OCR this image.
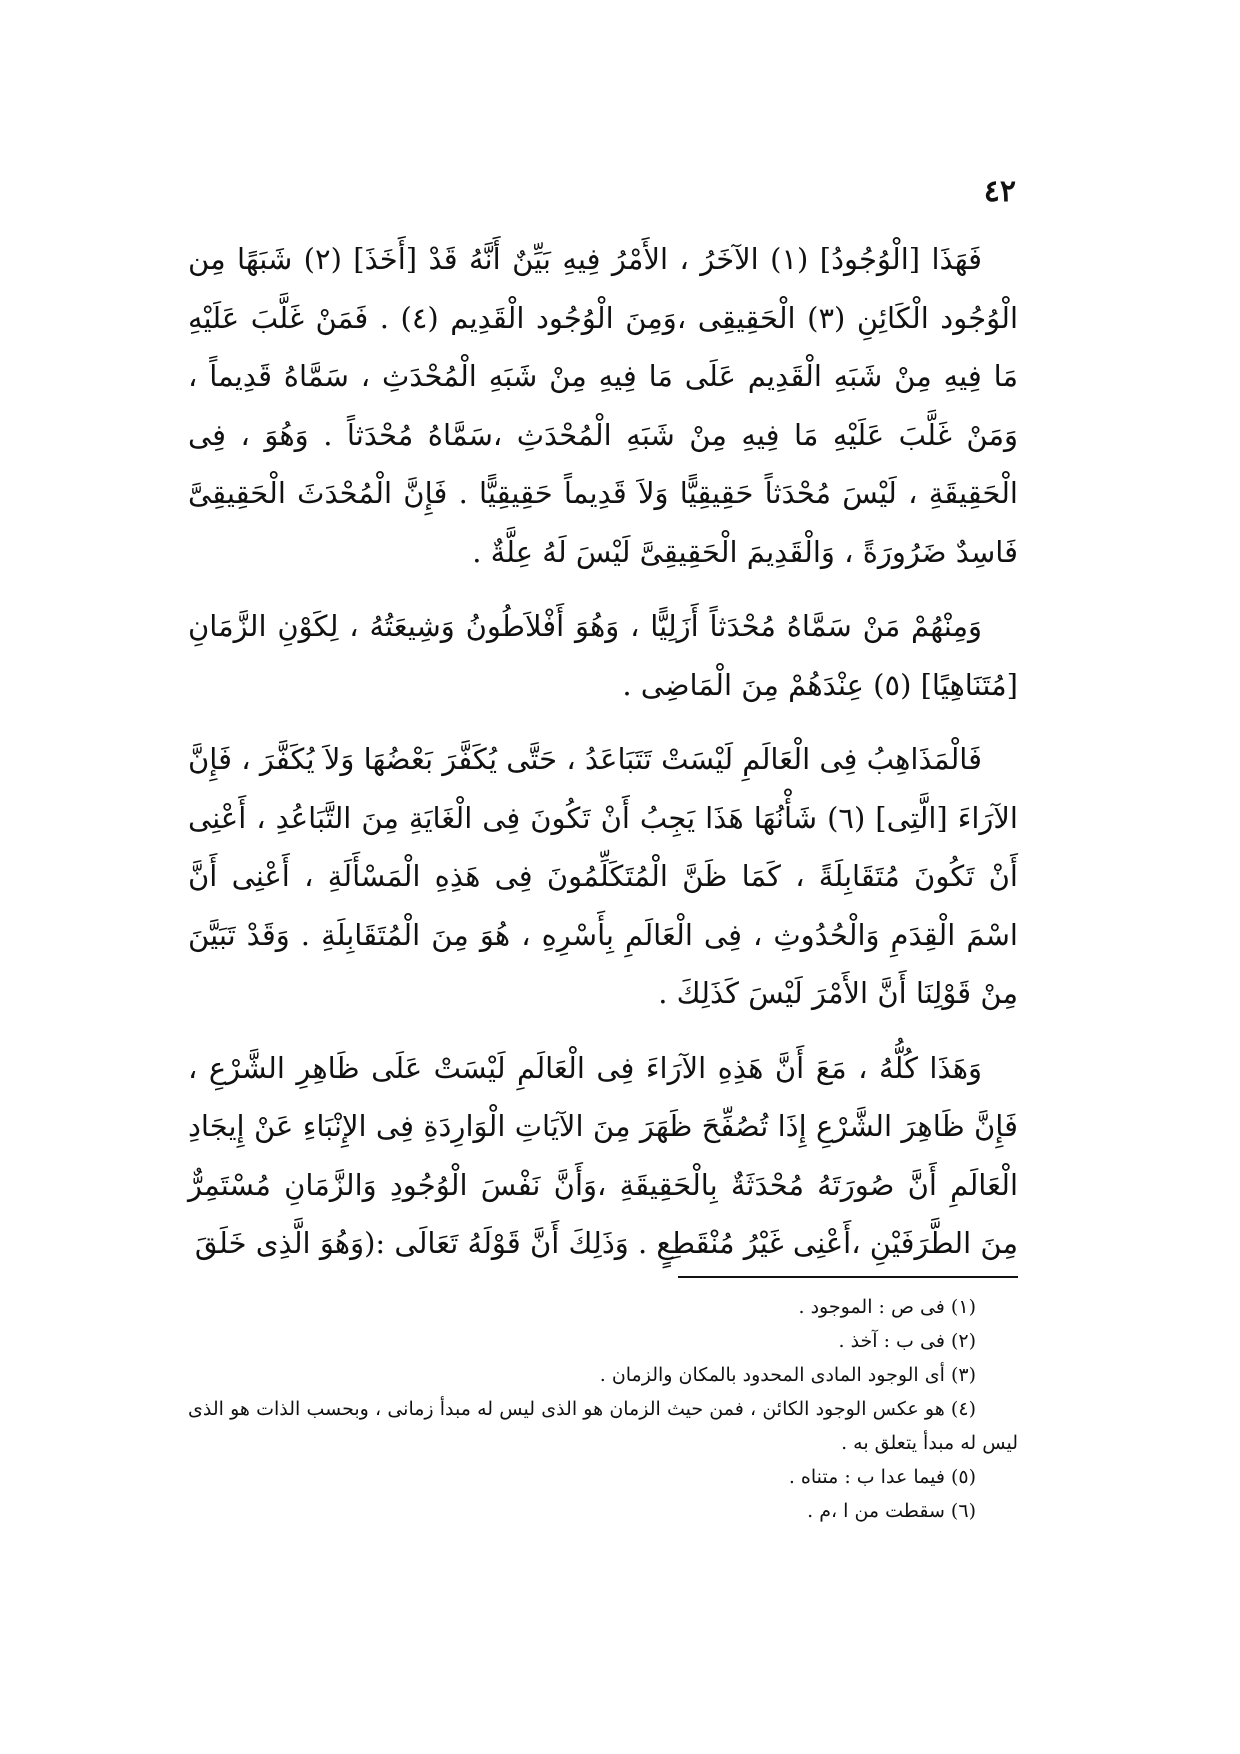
٤٢

فَهَذَا [الْوُجُودُ] (١) الآخَرُ ، الأَمْرُ فِيهِ بَيِّنٌ أَنَّهُ قَدْ [أَخَذَ] (٢) شَبَهًا مِن الْوُجُود الْكَائِنِ (٣) الْحَقِيقِى ،وَمِنَ الْوُجُود الْقَدِيم (٤) . فَمَنْ غَلَّبَ عَلَيْهِ مَا فِيهِ مِنْ شَبَهِ الْقَدِيم عَلَى مَا فِيهِ مِنْ شَبَهِ الْمُحْدَثِ ، سَمَّاهُ قَدِيماً ، وَمَنْ غَلَّبَ عَلَيْهِ مَا فِيهِ مِنْ شَبَهِ الْمُحْدَثِ ،سَمَّاهُ مُحْدَثاً . وَهُوَ ، فِى الْحَقِيقَةِ ، لَيْسَ مُحْدَثاً حَقِيقِيًّا وَلاَ قَدِيماً حَقِيقِيًّا . فَإِنَّ الْمُحْدَثَ الْحَقِيقِىَّ فَاسِدٌ ضَرُورَةً ، وَالْقَدِيمَ الْحَقِيقِىَّ لَيْسَ لَهُ عِلَّةٌ .

وَمِنْهُمْ مَنْ سَمَّاهُ مُحْدَثاً أَزَلِيًّا ، وَهُوَ أَفْلاَطُونُ وَشِيعَتُهُ ، لِكَوْنِ الزَّمَانِ [مُتَنَاهِيًا] (٥) عِنْدَهُمْ مِنَ الْمَاضِى .

فَالْمَذَاهِبُ فِى الْعَالَمِ لَيْسَتْ تَتَبَاعَدُ ، حَتَّى يُكَفَّرَ بَعْضُهَا وَلاَ يُكَفَّرَ ، فَإِنَّ الآرَاءَ [الَّتِى] (٦) شَأْنُهَا هَذَا يَجِبُ أَنْ تَكُونَ فِى الْغَايَةِ مِنَ التَّبَاعُدِ ، أَعْنِى أَنْ تَكُونَ مُتَقَابِلَةً ، كَمَا ظَنَّ الْمُتَكَلِّمُونَ فِى هَذِهِ الْمَسْأَلَةِ ، أَعْنِى أَنَّ اسْمَ الْقِدَمِ وَالْحُدُوثِ ، فِى الْعَالَمِ بِأَسْرِهِ ، هُوَ مِنَ الْمُتَقَابِلَةِ . وَقَدْ تَبَيَّنَ مِنْ قَوْلِنَا أَنَّ الأَمْرَ لَيْسَ كَذَلِكَ .

وَهَذَا كُلُّهُ ، مَعَ أَنَّ هَذِهِ الآرَاءَ فِى الْعَالَمِ لَيْسَتْ عَلَى ظَاهِرِ الشَّرْعِ ، فَإِنَّ ظَاهِرَ الشَّرْعِ إِذَا تُصُفِّحَ ظَهَرَ مِنَ الآيَاتِ الْوَارِدَةِ فِى الإِنْبَاءِ عَنْ إِيجَادِ الْعَالَمِ أَنَّ صُورَتَهُ مُحْدَثَةٌ بِالْحَقِيقَةِ ،وَأَنَّ نَفْسَ الْوُجُودِ وَالزَّمَانِ مُسْتَمِرٌّ مِنَ الطَّرَفَيْنِ ،أَعْنِى غَيْرُ مُنْقَطِعٍ . وَذَلِكَ أَنَّ قَوْلَهُ تَعَالَى :(وَهُوَ الَّذِى خَلَقَ

(١) فى ص : الموجود .

(٢) فى ب : آخذ .

(٣) أى الوجود المادى المحدود بالمكان والزمان .

(٤) هو عكس الوجود الكائن ، فمن حيث الزمان هو الذى ليس له مبدأ زمانى ، وبحسب الذات هو الذى ليس له مبدأ يتعلق به .

(٥) فيما عدا ب : متناه .

(٦) سقطت من ا ،م .
